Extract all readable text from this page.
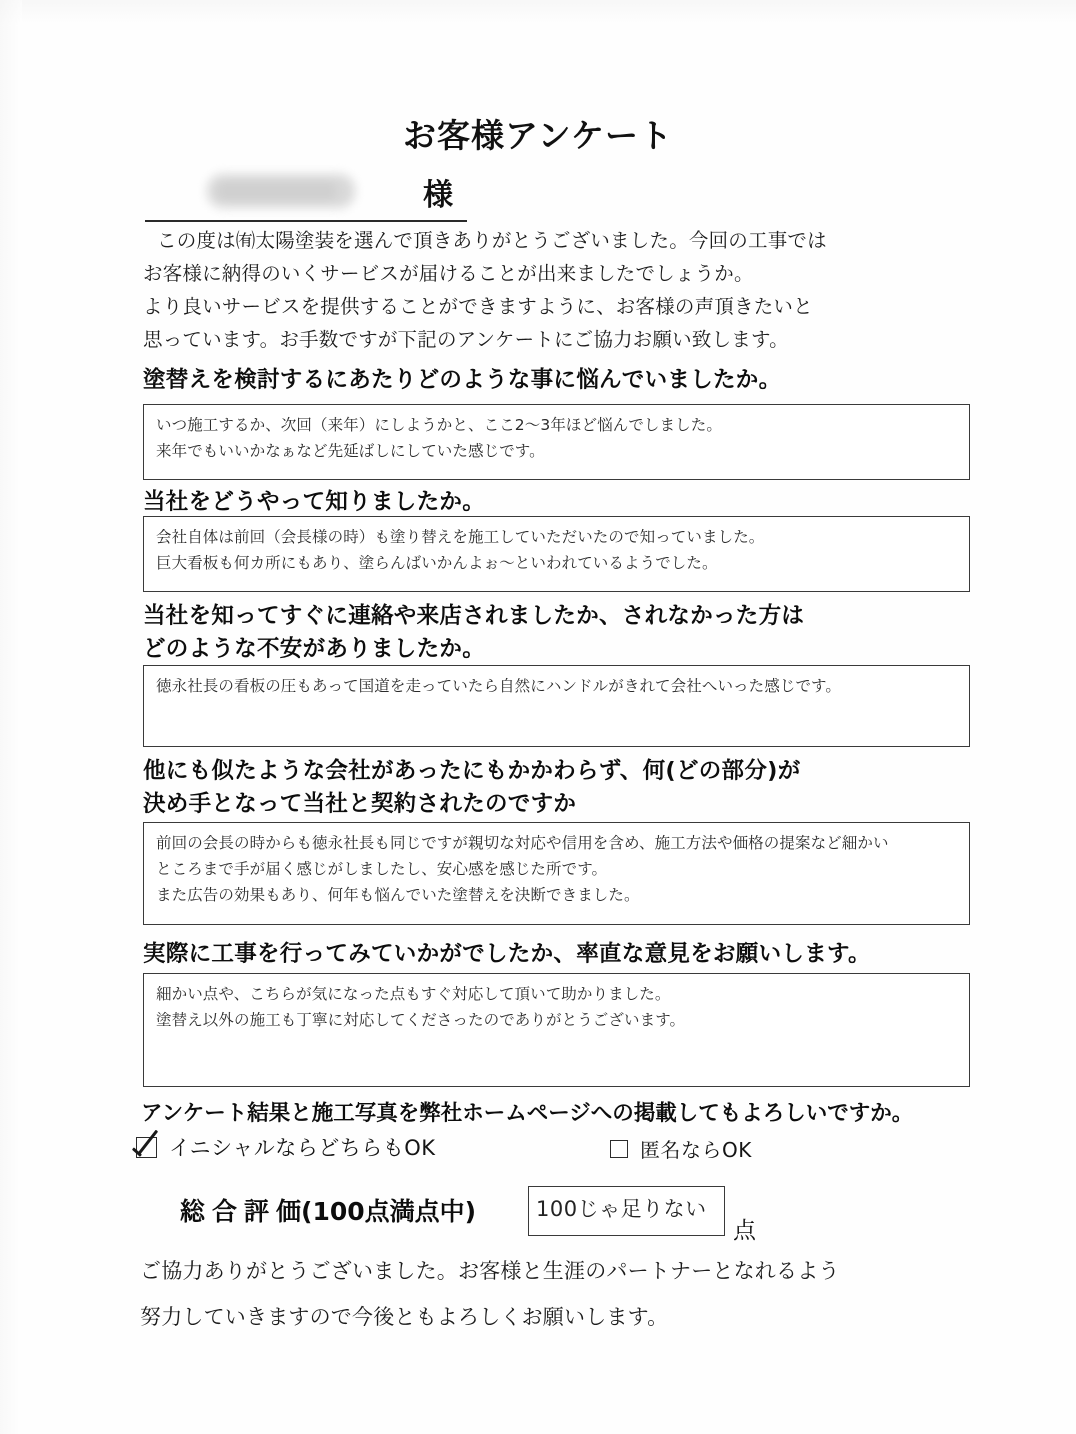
お客様アンケート
様
この度は㈲太陽塗装を選んで頂きありがとうございました。今回の工事では
お客様に納得のいくサービスが届けることが出来ましたでしょうか。
より良いサービスを提供することができますように、お客様の声頂きたいと
思っています。お手数ですが下記のアンケートにご協力お願い致します。
塗替えを検討するにあたりどのような事に悩んでいましたか。
いつ施工するか、次回（来年）にしようかと、ここ2〜3年ほど悩んでしました。
来年でもいいかなぁなど先延ばしにしていた感じです。
当社をどうやって知りましたか。
会社自体は前回（会長様の時）も塗り替えを施工していただいたので知っていました。
巨大看板も何カ所にもあり、塗らんばいかんよぉ〜といわれているようでした。
当社を知ってすぐに連絡や来店されましたか、されなかった方は
どのような不安がありましたか。
徳永社長の看板の圧もあって国道を走っていたら自然にハンドルがきれて会社へいった感じです。
他にも似たような会社があったにもかかわらず、何(どの部分)が
決め手となって当社と契約されたのですか
前回の会長の時からも徳永社長も同じですが親切な対応や信用を含め、施工方法や価格の提案など細かい
ところまで手が届く感じがしましたし、安心感を感じた所です。
また広告の効果もあり、何年も悩んでいた塗替えを決断できました。
実際に工事を行ってみていかがでしたか、率直な意見をお願いします。
細かい点や、こちらが気になった点もすぐ対応して頂いて助かりました。
塗替え以外の施工も丁寧に対応してくださったのでありがとうございます。
アンケート結果と施工写真を弊社ホームページへの掲載してもよろしいですか。
イニシャルならどちらもOK	匿名ならOK
総合評価(100点満点中)	100じゃ足りない
点
ご協力ありがとうございました。お客様と生涯のパートナーとなれるよう
努力していきますので今後ともよろしくお願いします。
